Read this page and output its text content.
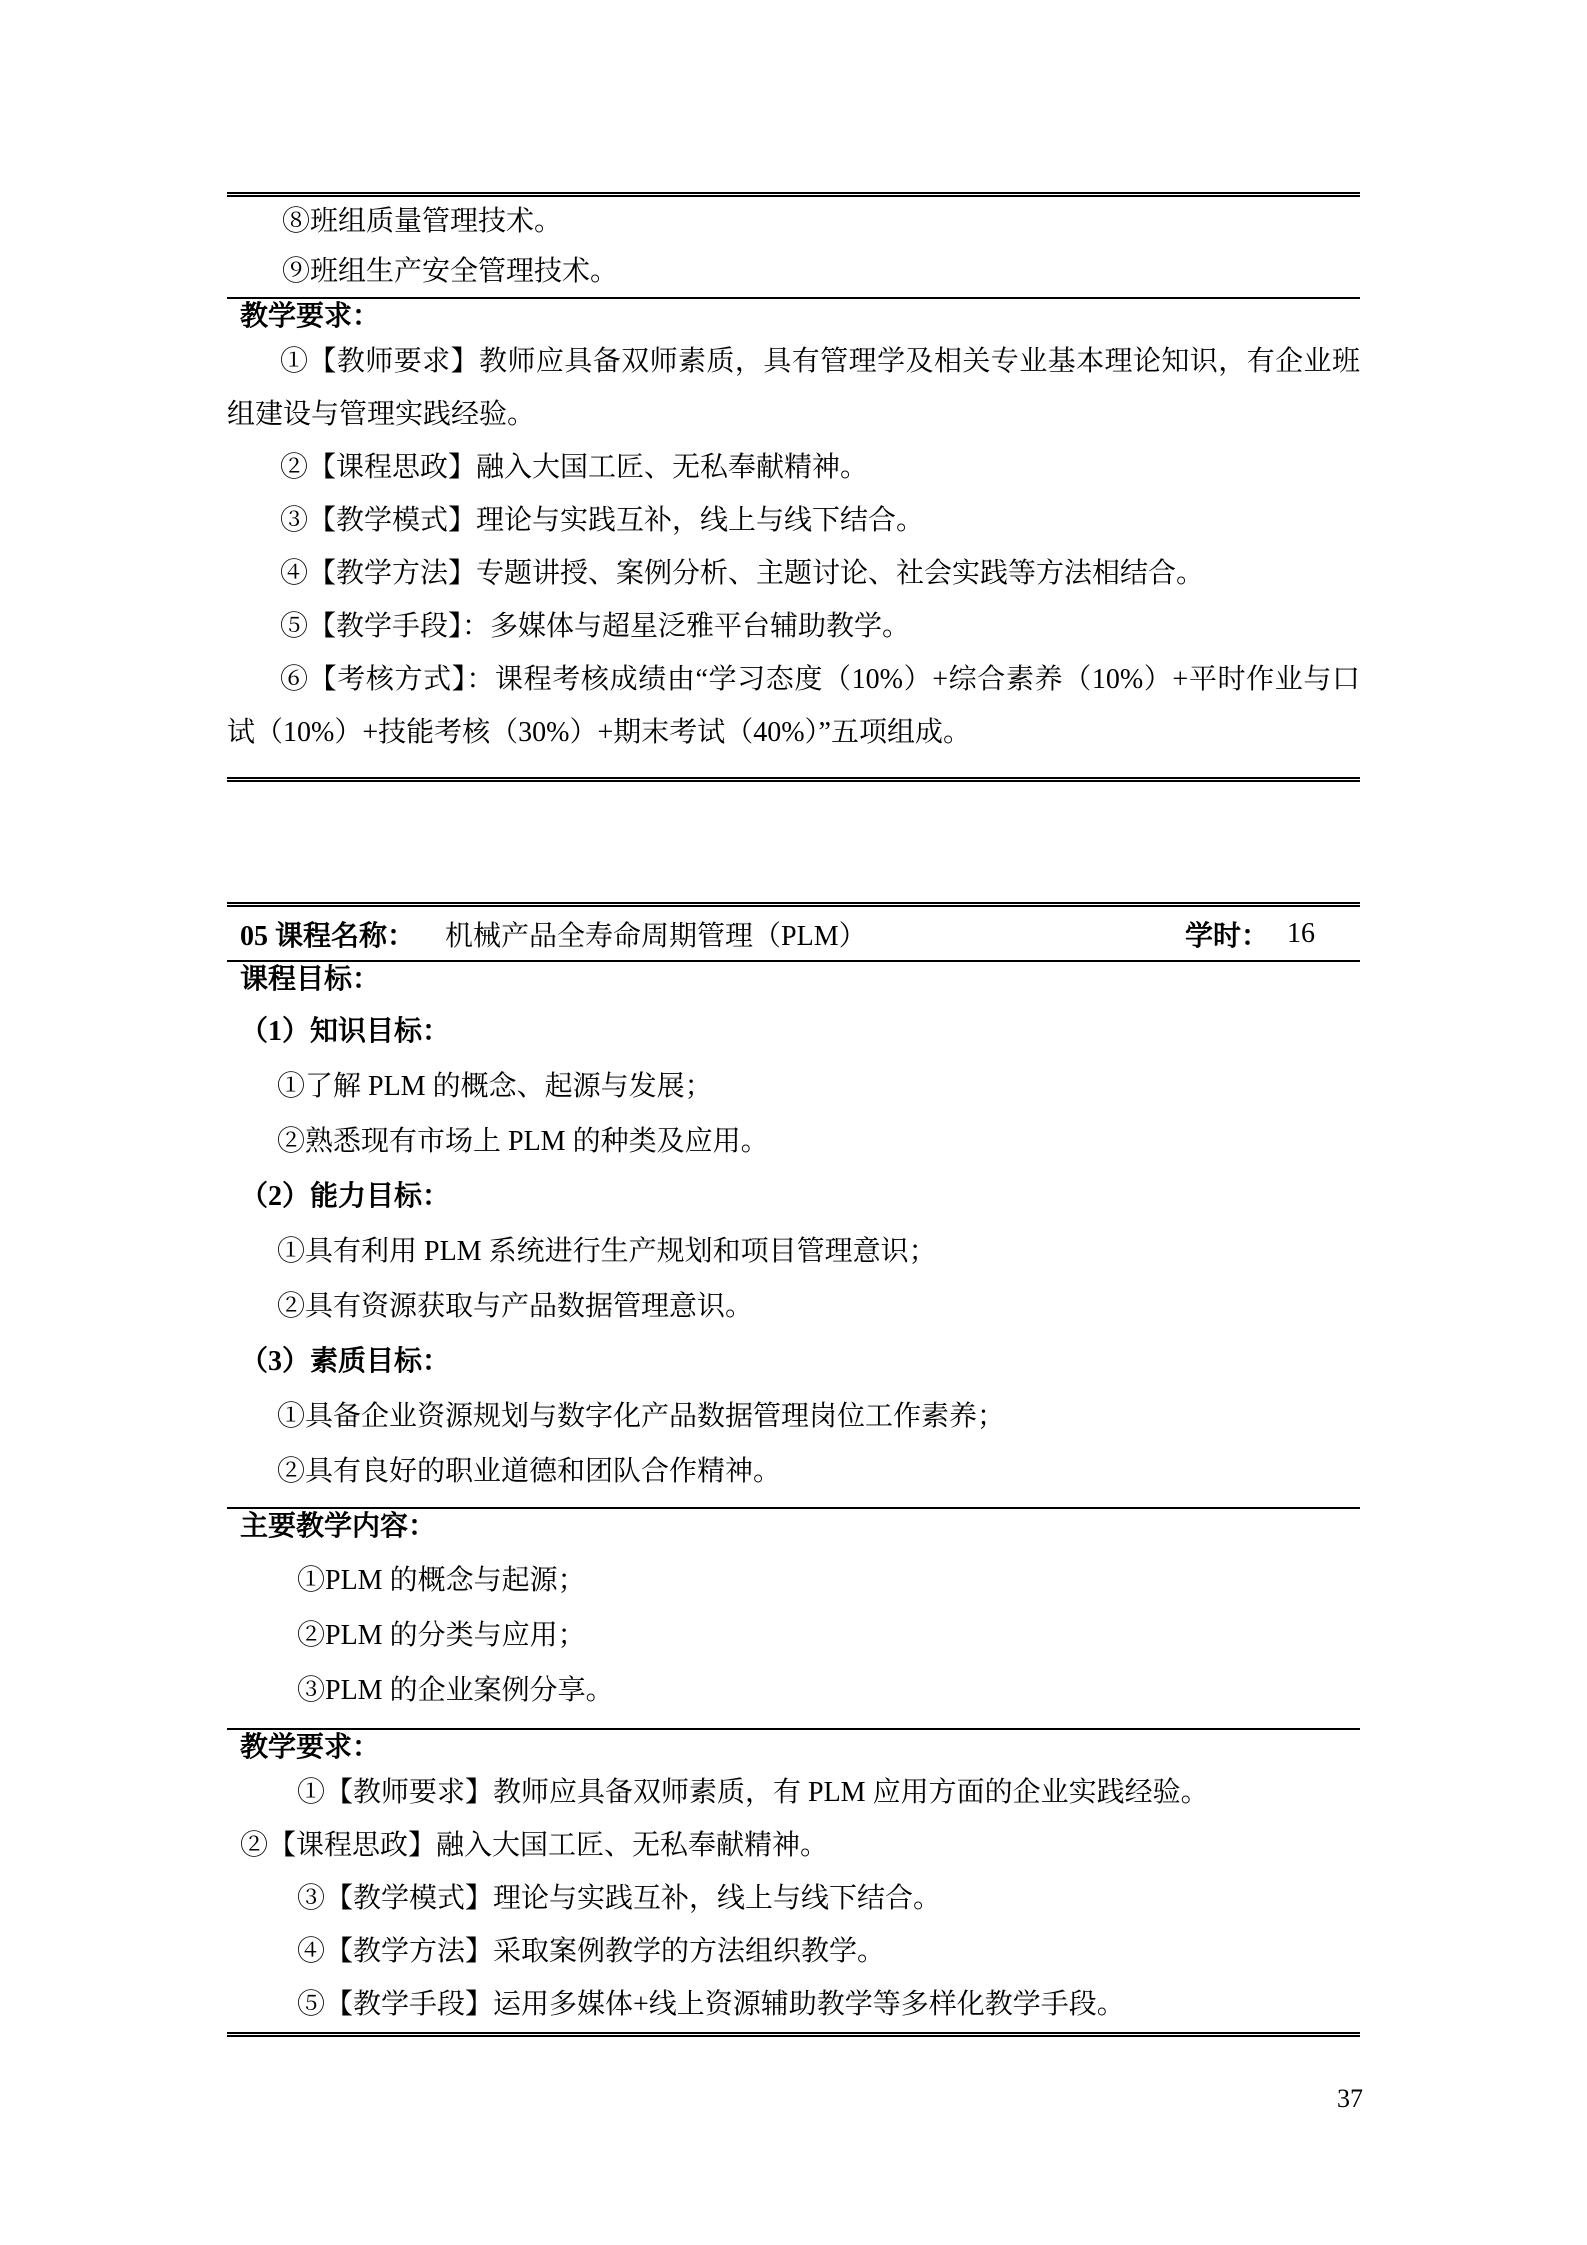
⑧班组质量管理技术。
⑨班组生产安全管理技术。
教学要求：
①【教师要求】教师应具备双师素质，具有管理学及相关专业基本理论知识，有企业班
组建设与管理实践经验。
②【课程思政】融入大国工匠、无私奉献精神。
③【教学模式】理论与实践互补，线上与线下结合。
④【教学方法】专题讲授、案例分析、主题讨论、社会实践等方法相结合。
⑤【教学手段】：多媒体与超星泛雅平台辅助教学。
⑥【考核方式】：课程考核成绩由“学习态度（10%）+综合素养（10%）+平时作业与口
试（10%）+技能考核（30%）+期末考试（40%）”五项组成。
05 课程名称： 机械产品全寿命周期管理（PLM）	学时： 16
课程目标：
（1）知识目标：
①了解 PLM 的概念、起源与发展；
②熟悉现有市场上 PLM 的种类及应用。
（2）能力目标：
①具有利用 PLM 系统进行生产规划和项目管理意识；
②具有资源获取与产品数据管理意识。
（3）素质目标：
①具备企业资源规划与数字化产品数据管理岗位工作素养；
②具有良好的职业道德和团队合作精神。
主要教学内容：
①PLM 的概念与起源；
②PLM 的分类与应用；
③PLM 的企业案例分享。
教学要求：
①【教师要求】教师应具备双师素质，有 PLM 应用方面的企业实践经验。
②【课程思政】融入大国工匠、无私奉献精神。
③【教学模式】理论与实践互补，线上与线下结合。
④【教学方法】采取案例教学的方法组织教学。
⑤【教学手段】运用多媒体+线上资源辅助教学等多样化教学手段。
37
